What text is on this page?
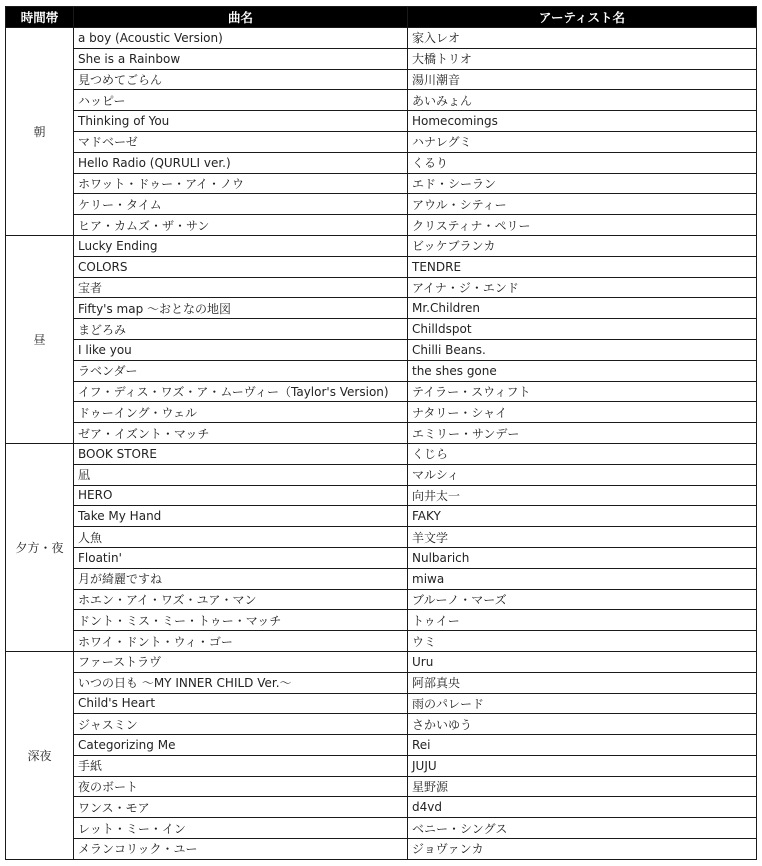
時間帯	曲名	アーティスト名
朝	a boy (Acoustic Version)	家入レオ
	She is a Rainbow	大橋トリオ
	見つめてごらん	湯川潮音
	ハッピー	あいみょん
	Thinking of You	Homecomings
	マドベーゼ	ハナレグミ
	Hello Radio (QURULI ver.)	くるり
	ホワット・ドゥー・アイ・ノウ	エド・シーラン
	ケリー・タイム	アウル・シティー
	ヒア・カムズ・ザ・サン	クリスティナ・ペリー
昼	Lucky Ending	ビッケブランカ
	COLORS	TENDRE
	宝者	アイナ・ジ・エンド
	Fifty's map 〜おとなの地図	Mr.Children
	まどろみ	Chilldspot
	I like you	Chilli Beans.
	ラベンダー	the shes gone
	イフ・ディス・ワズ・ア・ムーヴィー（Taylor's Version)	テイラー・スウィフト
	ドゥーイング・ウェル	ナタリー・シャイ
	ゼア・イズント・マッチ	エミリー・サンデー
夕方・夜	BOOK STORE	くじら
	凪	マルシィ
	HERO	向井太一
	Take My Hand	FAKY
	人魚	羊文学
	Floatin'	Nulbarich
	月が綺麗ですね	miwa
	ホエン・アイ・ワズ・ユア・マン	ブルーノ・マーズ
	ドント・ミス・ミー・トゥー・マッチ	トゥイー
	ホワイ・ドント・ウィ・ゴー	ウミ
深夜	ファーストラヴ	Uru
	いつの日も 〜MY INNER CHILD Ver.〜	阿部真央
	Child's Heart	雨のパレード
	ジャスミン	さかいゆう
	Categorizing Me	Rei
	手紙	JUJU
	夜のボート	星野源
	ワンス・モア	d4vd
	レット・ミー・イン	ベニー・シングス
	メランコリック・ユー	ジョヴァンカ
